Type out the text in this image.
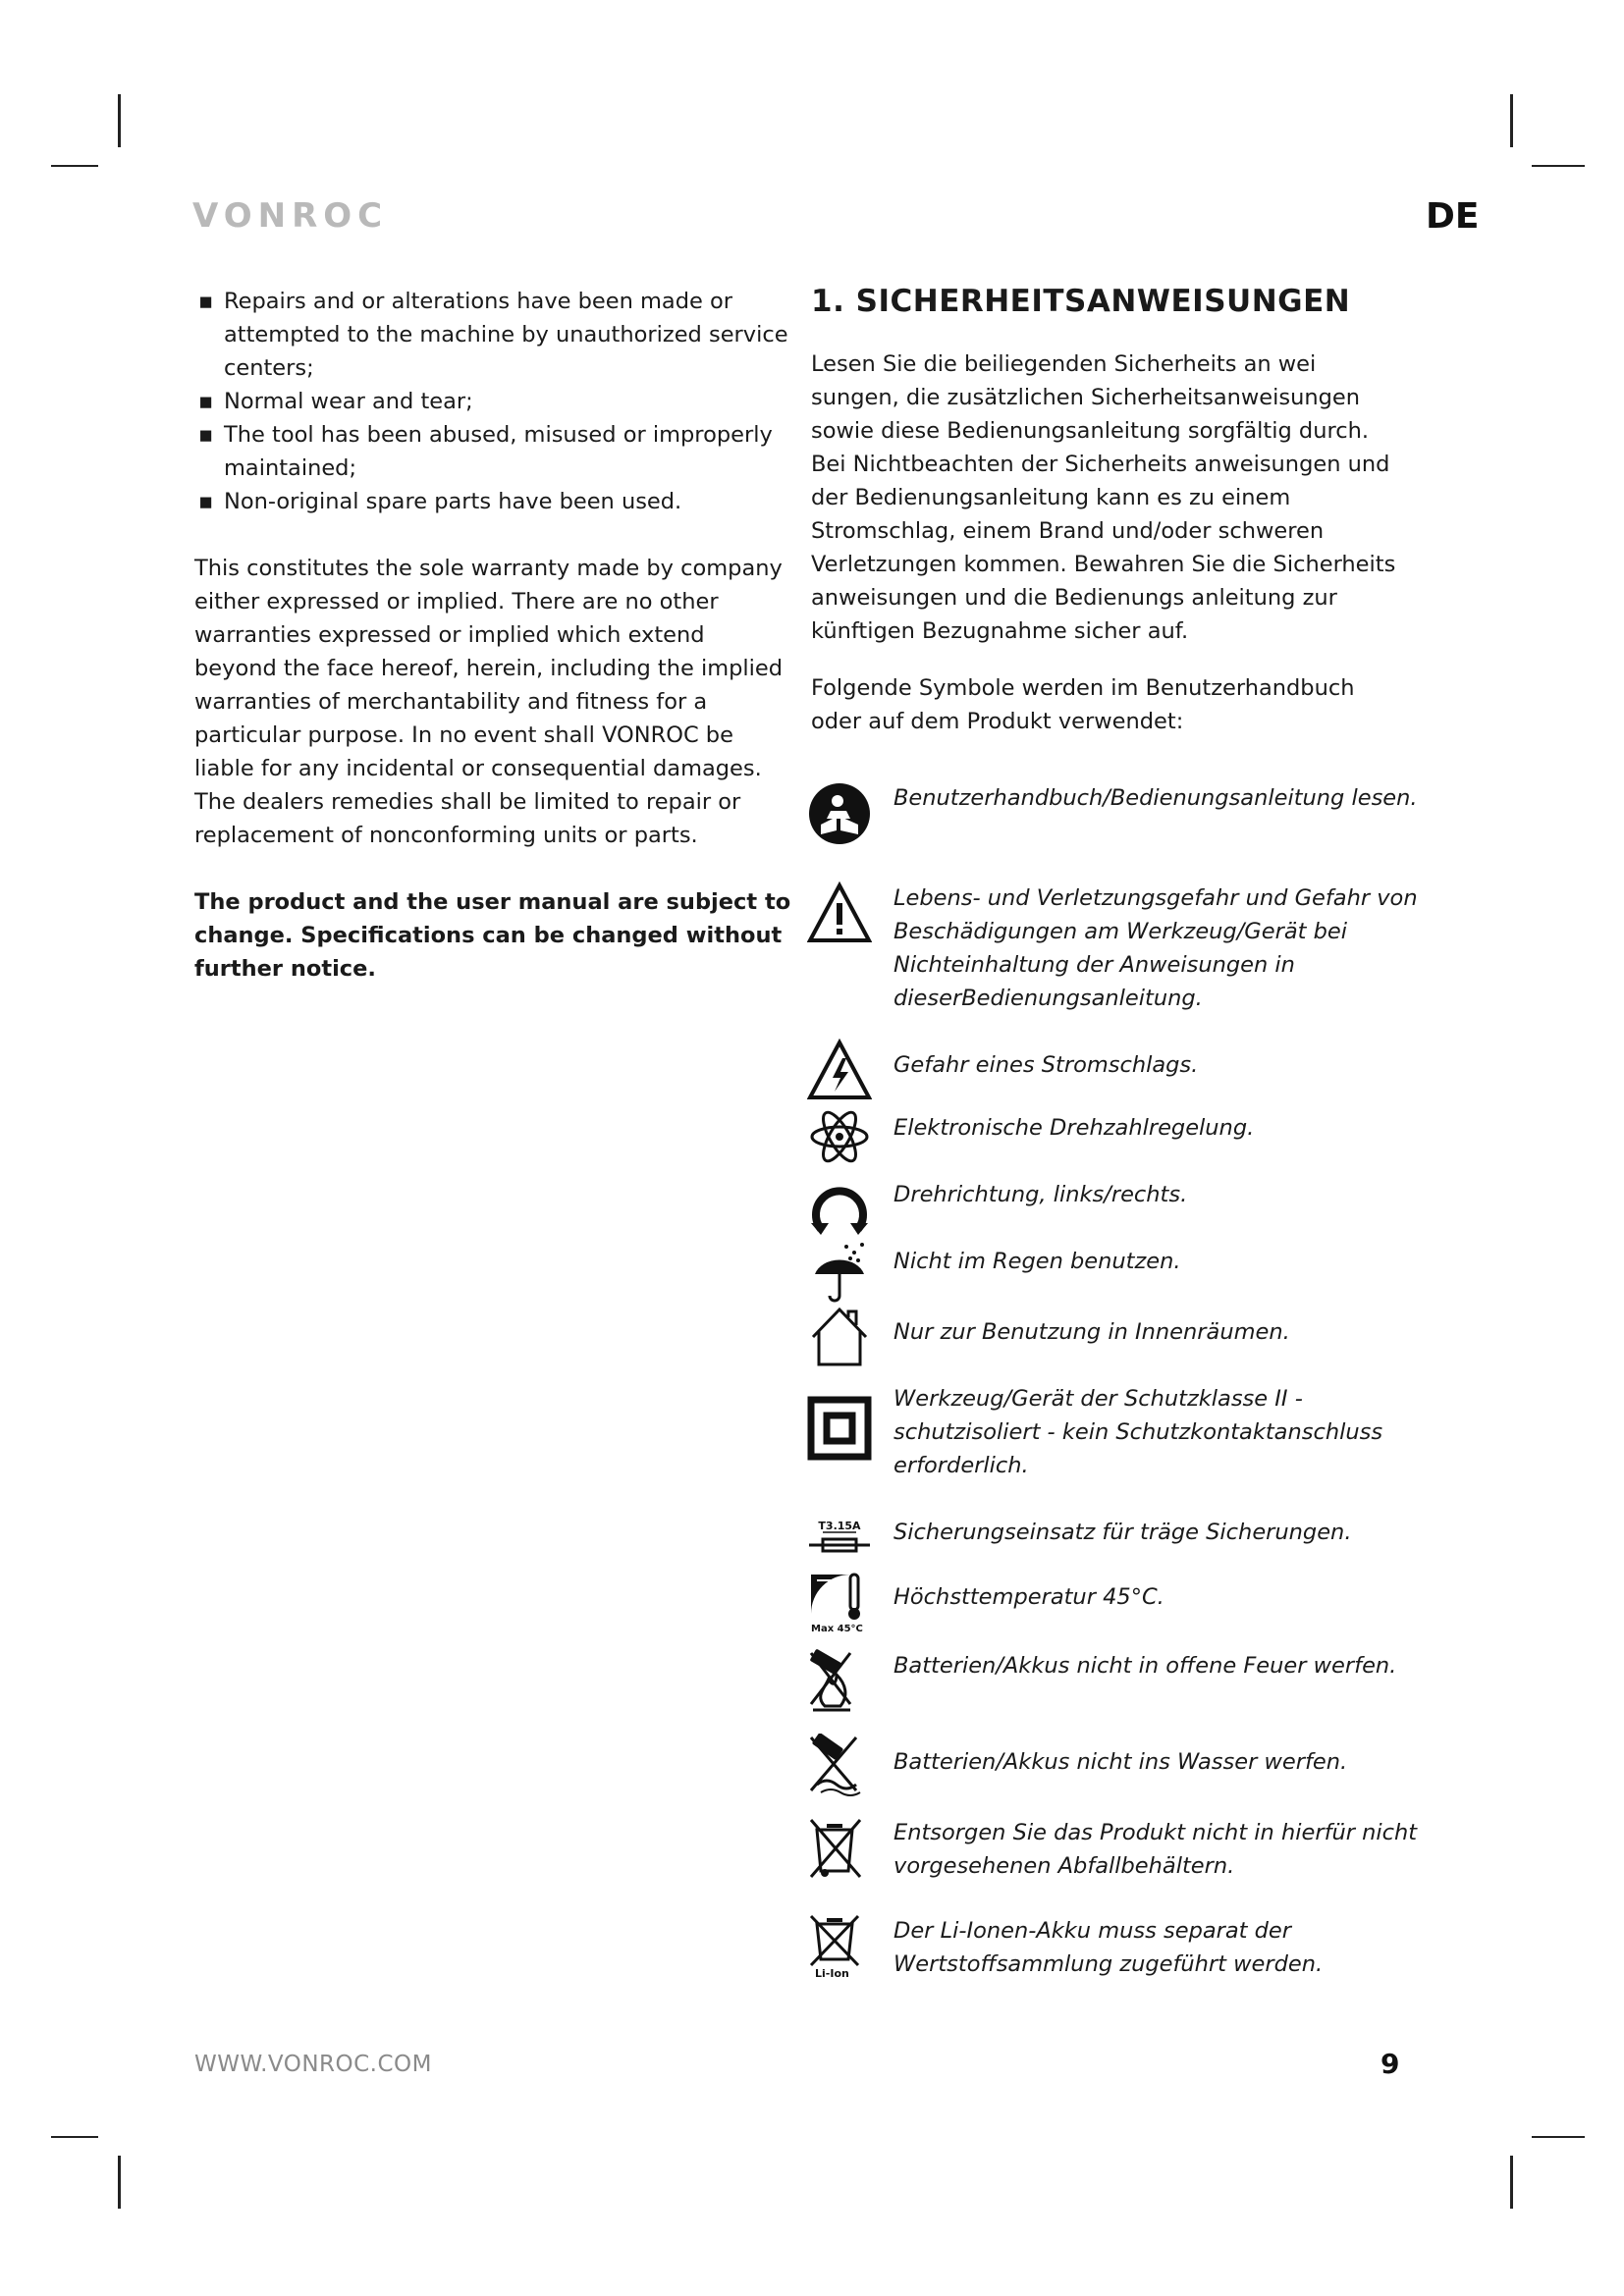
VONROC	DE
▪ Repairs and or alterations have been made or attempted to the machine by unauthorized service centers;
▪ Normal wear and tear;
▪ The tool has been abused, misused or improperly maintained;
▪ Non-original spare parts have been used.
This constitutes the sole warranty made by company either expressed or implied. There are no other warranties expressed or implied which extend beyond the face hereof, herein, including the implied warranties of merchantability and fitness for a particular purpose. In no event shall VONROC be liable for any incidental or consequential damages. The dealers remedies shall be limited to repair or replacement of nonconforming units or parts.
The product and the user manual are subject to change. Specifications can be changed without further notice.
1. SICHERHEITSANWEISUNGEN
Lesen Sie die beiliegenden Sicherheits an wei sungen, die zusätzlichen Sicherheitsanweisungen sowie diese Bedienungsanleitung sorgfältig durch. Bei Nichtbeachten der Sicherheits anweisungen und der Bedienungsanleitung kann es zu einem Stromschlag, einem Brand und/oder schweren Verletzungen kommen. Bewahren Sie die Sicherheits anweisungen und die Bedienungs anleitung zur künftigen Bezugnahme sicher auf.
Folgende Symbole werden im Benutzerhandbuch oder auf dem Produkt verwendet:
Benutzerhandbuch/Bedienungsanleitung lesen.
Lebens- und Verletzungsgefahr und Gefahr von Beschädigungen am Werkzeug/Gerät bei Nichteinhaltung der Anweisungen in dieserBedienungsanleitung.
Gefahr eines Stromschlags.
Elektronische Drehzahlregelung.
Drehrichtung, links/rechts.
Nicht im Regen benutzen.
Nur zur Benutzung in Innenräumen.
Werkzeug/Gerät der Schutzklasse II - schutzisoliert - kein Schutzkontaktanschluss erforderlich.
T3.15A Sicherungseinsatz für träge Sicherungen.
Max 45°C
Höchsttemperatur 45°C.
Batterien/Akkus nicht in offene Feuer werfen.
Batterien/Akkus nicht ins Wasser werfen.
Entsorgen Sie das Produkt nicht in hierfür nicht vorgesehenen Abfallbehältern.
Li-Ion
Der Li-Ionen-Akku muss separat der Wertstoffsammlung zugeführt werden.
WWW.VONROC.COM	9
